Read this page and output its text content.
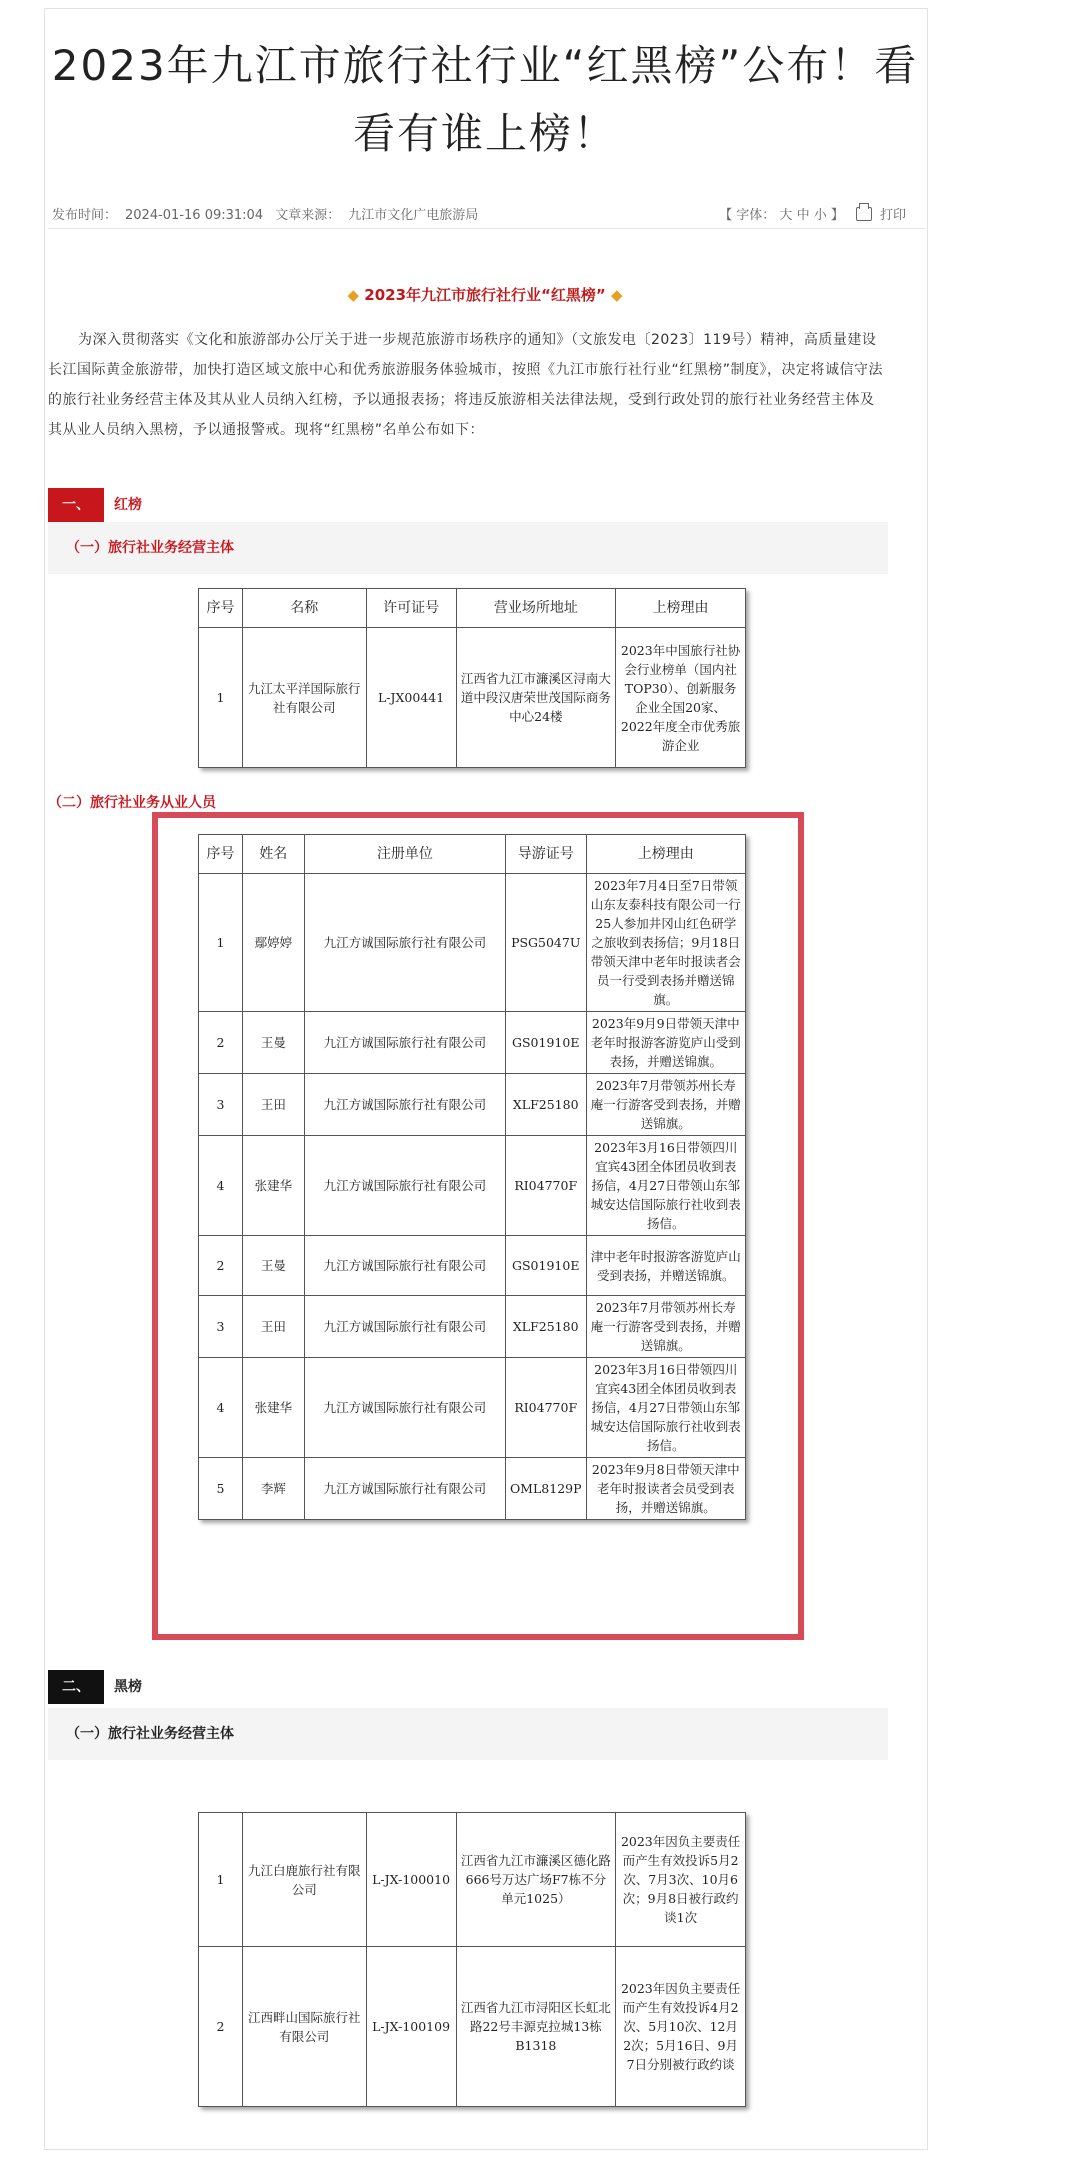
2023年九江市旅行社行业“红黑榜”公布！看看有谁上榜！
发布时间： 2024-01-16 09:31:04 文章来源： 九江市文化广电旅游局	【 字体： 大 中 小 】	打印
◆ 2023年九江市旅行社行业“红黑榜” ◆
为深入贯彻落实《文化和旅游部办公厅关于进一步规范旅游市场秩序的通知》（文旅发电〔2023〕119号）精神，高质量建设长江国际黄金旅游带，加快打造区域文旅中心和优秀旅游服务体验城市，按照《九江市旅行社行业“红黑榜”制度》，决定将诚信守法的旅行社业务经营主体及其从业人员纳入红榜，予以通报表扬；将违反旅游相关法律法规，受到行政处罚的旅行社业务经营主体及其从业人员纳入黑榜，予以通报警戒。现将“红黑榜”名单公布如下：
一、 红榜
（一）旅行社业务经营主体
序号	名称	许可证号	营业场所地址	上榜理由
1	九江太平洋国际旅行社有限公司	L-JX00441	江西省九江市濂溪区浔南大道中段汉唐荣世茂国际商务中心24楼	2023年中国旅行社协会行业榜单（国内社TOP30）、创新服务企业全国20家、2022年度全市优秀旅游企业
（二）旅行社业务从业人员
序号	姓名	注册单位	导游证号	上榜理由
1	鄢婷婷	九江方诚国际旅行社有限公司	PSG5047U	2023年7月4日至7日带领山东友泰科技有限公司一行25人参加井冈山红色研学之旅收到表扬信；9月18日带领天津中老年时报读者会员一行受到表扬并赠送锦旗。
2	王曼	九江方诚国际旅行社有限公司	GS01910E	2023年9月9日带领天津中老年时报游客游览庐山受到表扬，并赠送锦旗。
3	王田	九江方诚国际旅行社有限公司	XLF25180	2023年7月带领苏州长寿庵一行游客受到表扬，并赠送锦旗。
4	张建华	九江方诚国际旅行社有限公司	RI04770F	2023年3月16日带领四川宜宾43团全体团员收到表扬信，4月27日带领山东邹城安达信国际旅行社收到表扬信。
2	王曼	九江方诚国际旅行社有限公司	GS01910E	津中老年时报游客游览庐山受到表扬，并赠送锦旗。
3	王田	九江方诚国际旅行社有限公司	XLF25180	2023年7月带领苏州长寿庵一行游客受到表扬，并赠送锦旗。
4	张建华	九江方诚国际旅行社有限公司	RI04770F	2023年3月16日带领四川宜宾43团全体团员收到表扬信，4月27日带领山东邹城安达信国际旅行社收到表扬信。
5	李辉	九江方诚国际旅行社有限公司	OML8129P	2023年9月8日带领天津中老年时报读者会员受到表扬，并赠送锦旗。
二、 黑榜
（一）旅行社业务经营主体
1	九江白鹿旅行社有限公司	L-JX-100010	江西省九江市濂溪区德化路666号万达广场F7栋不分单元1025）	2023年因负主要责任而产生有效投诉5月2次、7月3次、10月6次；9月8日被行政约谈1次
2	江西畔山国际旅行社有限公司	L-JX-100109	江西省九江市浔阳区长虹北路22号丰源克拉城13栋B1318	2023年因负主要责任而产生有效投诉4月2次、5月10次、12月2次；5月16日、9月7日分别被行政约谈
